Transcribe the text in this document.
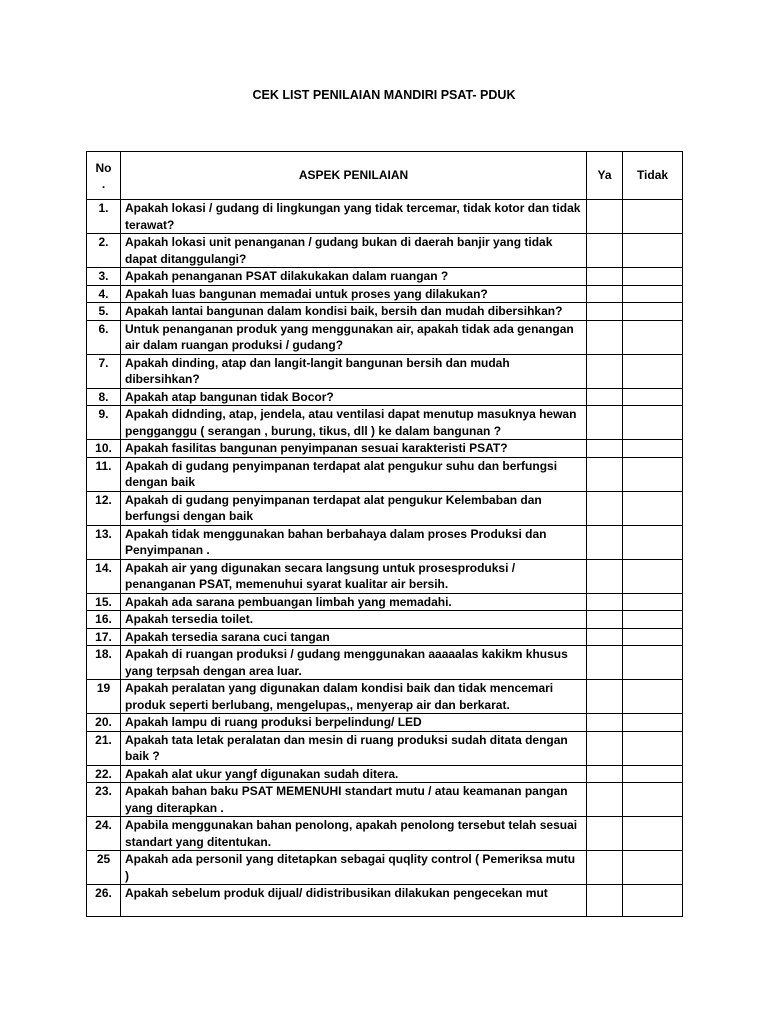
CEK LIST PENILAIAN MANDIRI PSAT- PDUK
No
.	ASPEK PENILAIAN	Ya	Tidak
1.	Apakah lokasi / gudang di lingkungan yang tidak tercemar, tidak kotor dan tidak terawat?		
2.	Apakah lokasi unit penanganan / gudang bukan di daerah banjir yang tidak dapat ditanggulangi?		
3.	Apakah penanganan PSAT dilakukakan dalam ruangan ?		
4.	Apakah luas bangunan memadai untuk proses yang dilakukan?		
5.	Apakah lantai bangunan dalam kondisi baik, bersih dan mudah dibersihkan?		
6.	Untuk penanganan produk yang menggunakan air, apakah tidak ada genangan air dalam ruangan produksi / gudang?		
7.	Apakah dinding, atap dan langit-langit bangunan bersih dan mudah dibersihkan?		
8.	Apakah atap bangunan tidak Bocor?		
9.	Apakah didnding, atap, jendela, atau ventilasi dapat menutup masuknya hewan pengganggu ( serangan , burung, tikus, dll ) ke dalam bangunan ?		
10.	Apakah fasilitas bangunan penyimpanan sesuai karakteristi PSAT?		
11.	Apakah di gudang penyimpanan terdapat alat pengukur suhu dan berfungsi dengan baik		
12.	Apakah di gudang penyimpanan terdapat alat pengukur Kelembaban dan berfungsi dengan baik		
13.	Apakah tidak menggunakan bahan berbahaya dalam proses Produksi dan Penyimpanan .		
14.	Apakah air yang digunakan secara langsung untuk prosesproduksi / penanganan PSAT, memenuhui syarat kualitar air bersih.		
15.	Apakah ada sarana pembuangan limbah yang memadahi.		
16.	Apakah tersedia toilet.		
17.	Apakah tersedia sarana cuci tangan		
18.	Apakah di ruangan produksi / gudang menggunakan aaaaalas kakikm khusus yang terpsah dengan area luar.		
19	Apakah peralatan yang digunakan dalam kondisi baik dan tidak mencemari produk seperti berlubang, mengelupas,, menyerap air dan berkarat.		
20.	Apakah lampu di ruang produksi berpelindung/ LED		
21.	Apakah tata letak peralatan dan mesin di ruang produksi sudah ditata dengan baik ?		
22.	Apakah alat ukur yangf digunakan sudah ditera.		
23.	Apakah bahan baku PSAT MEMENUHI standart mutu / atau keamanan pangan yang diterapkan .		
24.	Apabila menggunakan bahan penolong, apakah penolong tersebut telah sesuai standart yang ditentukan.		
25	Apakah ada personil yang ditetapkan sebagai quqlity control ( Pemeriksa mutu )		
26.	Apakah sebelum produk dijual/ didistribusikan dilakukan pengecekan mut		
